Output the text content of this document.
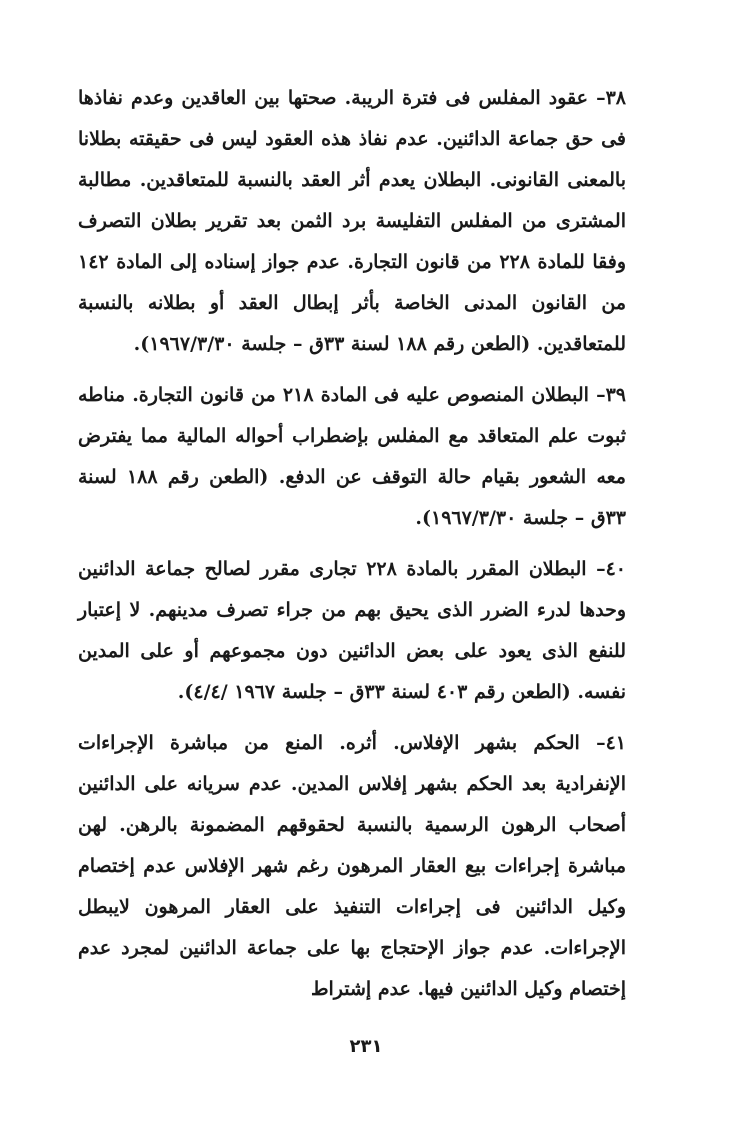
٣٨– عقود المفلس فى فترة الريبة. صحتها بين العاقدين وعدم نفاذها فى حق جماعة الدائنين. عدم نفاذ هذه العقود ليس فى حقيقته بطلانا بالمعنى القانونى. البطلان يعدم أثر العقد بالنسبة للمتعاقدين. مطالبة المشترى من المفلس التفليسة برد الثمن بعد تقرير بطلان التصرف وفقا للمادة ٢٢٨ من قانون التجارة. عدم جواز إسناده إلى المادة ١٤٢ من القانون المدنى الخاصة بأثر إبطال العقد أو بطلانه بالنسبة للمتعاقدين. (الطعن رقم ١٨٨ لسنة ٣٣ق – جلسة ١٩٦٧/٣/٣٠).

٣٩– البطلان المنصوص عليه فى المادة ٢١٨ من قانون التجارة. مناطه ثبوت علم المتعاقد مع المفلس بإضطراب أحواله المالية مما يفترض معه الشعور بقيام حالة التوقف عن الدفع. (الطعن رقم ١٨٨ لسنة ٣٣ق – جلسة ١٩٦٧/٣/٣٠).

٤٠– البطلان المقرر بالمادة ٢٢٨ تجارى مقرر لصالح جماعة الدائنين وحدها لدرء الضرر الذى يحيق بهم من جراء تصرف مدينهم. لا إعتبار للنفع الذى يعود على بعض الدائنين دون مجموعهم أو على المدين نفسه. (الطعن رقم ٤٠٣ لسنة ٣٣ق – جلسة ١٩٦٧ /٤/٤).

٤١– الحكم بشهر الإفلاس. أثره. المنع من مباشرة الإجراءات الإنفرادية بعد الحكم بشهر إفلاس المدين. عدم سريانه على الدائنين أصحاب الرهون الرسمية بالنسبة لحقوقهم المضمونة بالرهن. لهن مباشرة إجراءات بيع العقار المرهون رغم شهر الإفلاس عدم إختصام وكيل الدائنين فى إجراءات التنفيذ على العقار المرهون لايبطل الإجراءات. عدم جواز الإحتجاج بها على جماعة الدائنين لمجرد عدم إختصام وكيل الدائنين فيها. عدم إشتراط

٢٣١
